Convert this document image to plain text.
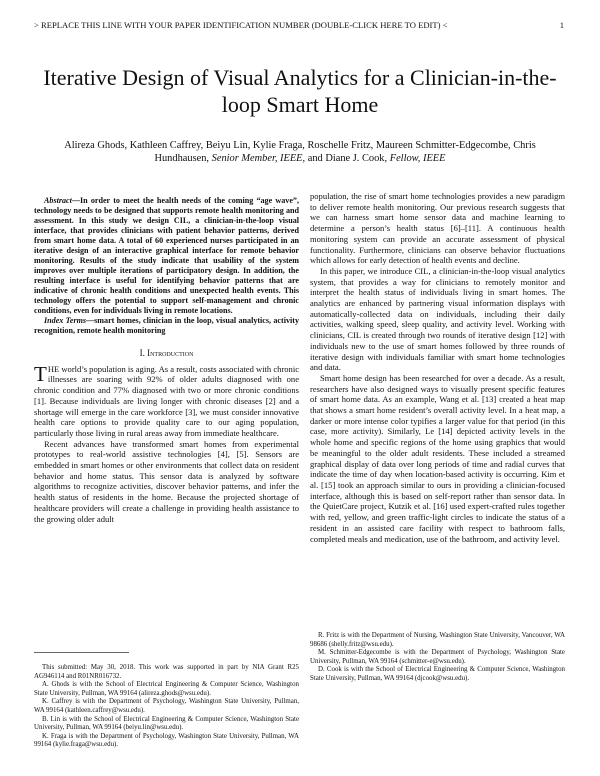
> REPLACE THIS LINE WITH YOUR PAPER IDENTIFICATION NUMBER (DOUBLE-CLICK HERE TO EDIT) <	1
Iterative Design of Visual Analytics for a Clinician-in-the-loop Smart Home
Alireza Ghods, Kathleen Caffrey, Beiyu Lin, Kylie Fraga, Roschelle Fritz, Maureen Schmitter-Edgecombe, Chris Hundhausen, Senior Member, IEEE, and Diane J. Cook, Fellow, IEEE

Abstract—In order to meet the health needs of the coming “age wave”, technology needs to be designed that supports remote health monitoring and assessment. In this study we design CIL, a clinician-in-the-loop visual interface, that provides clinicians with patient behavior patterns, derived from smart home data. A total of 60 experienced nurses participated in an iterative design of an interactive graphical interface for remote behavior monitoring. Results of the study indicate that usability of the system improves over multiple iterations of participatory design. In addition, the resulting interface is useful for identifying behavior patterns that are indicative of chronic health conditions and unexpected health events. This technology offers the potential to support self-management and chronic conditions, even for individuals living in remote locations.

Index Terms—smart homes, clinician in the loop, visual analytics, activity recognition, remote health monitoring

I. Introduction

THE world’s population is aging. As a result, costs associated with chronic illnesses are soaring with 92% of older adults diagnosed with one chronic condition and 77% diagnosed with two or more chronic conditions [1]. Because individuals are living longer with chronic diseases [2] and a shortage will emerge in the care workforce [3], we must consider innovative health care options to provide quality care to our aging population, particularly those living in rural areas away from immediate healthcare.

Recent advances have transformed smart homes from experimental prototypes to real-world assistive technologies [4], [5]. Sensors are embedded in smart homes or other environments that collect data on resident behavior and home status. This sensor data is analyzed by software algorithms to recognize activities, discover behavior patterns, and infer the health status of residents in the home. Because the projected shortage of healthcare providers will create a challenge in providing health assistance to the growing older adult

population, the rise of smart home technologies provides a new paradigm to deliver remote health monitoring. Our previous research suggests that we can harness smart home sensor data and machine learning to determine a person’s health status [6]–[11]. A continuous health monitoring system can provide an accurate assessment of physical functionality. Furthermore, clinicians can observe behavior fluctuations which allows for early detection of health events and decline.

In this paper, we introduce CIL, a clinician-in-the-loop visual analytics system, that provides a way for clinicians to remotely monitor and interpret the health status of individuals living in smart homes. The analytics are enhanced by partnering visual information displays with automatically-collected data on individuals, including their daily activities, walking speed, sleep quality, and activity level. Working with clinicians, CIL is created through two rounds of iterative design [12] with individuals new to the use of smart homes followed by three rounds of iterative design with individuals familiar with smart home technologies and data.

Smart home design has been researched for over a decade. As a result, researchers have also designed ways to visually present specific features of smart home data. As an example, Wang et al. [13] created a heat map that shows a smart home resident’s overall activity level. In a heat map, a darker or more intense color typifies a larger value for that period (in this case, more activity). Similarly, Le [14] depicted activity levels in the whole home and specific regions of the home using graphics that would be meaningful to the older adult residents. These included a streamed graphical display of data over long periods of time and radial curves that indicate the time of day when location-based activity is occurring. Kim et al. [15] took an approach similar to ours in providing a clinician-focused interface, although this is based on self-report rather than sensor data. In the QuietCare project, Kutzik et al. [16] used expert-crafted rules together with red, yellow, and green traffic-light circles to indicate the status of a resident in an assisted care facility with respect to bathroom falls, completed meals and medication, use of the bathroom, and activity level.

This submitted: May 30, 2018. This work was supported in part by NIA Grant R25 AG946114 and R01NR016732.

A. Ghods is with the School of Electrical Engineering & Computer Science, Washington State University, Pullman, WA 99164 (alireza.ghods@wsu.edu).

K. Caffrey is with the Department of Psychology, Washington State University, Pullman, WA 99164 (kathleen.caffrey@wsu.edu).

B. Lin is with the School of Electrical Engineering & Computer Science, Washington State University, Pullman, WA 99164 (beiyu.lin@wsu.edu).

K. Fraga is with the Department of Psychology, Washington State University, Pullman, WA 99164 (kylie.fraga@wsu.edu).

R. Fritz is with the Department of Nursing, Washington State University, Vancouver, WA 98686 (shelly.fritz@wsu.edu).

M. Schmitter-Edgecombe is with the Department of Psychology, Washington State University, Pullman, WA 99164 (schmitter-e@wsu.edu).

D. Cook is with the School of Electrical Engineering & Computer Science, Washington State University, Pullman, WA 99164 (djcook@wsu.edu).
